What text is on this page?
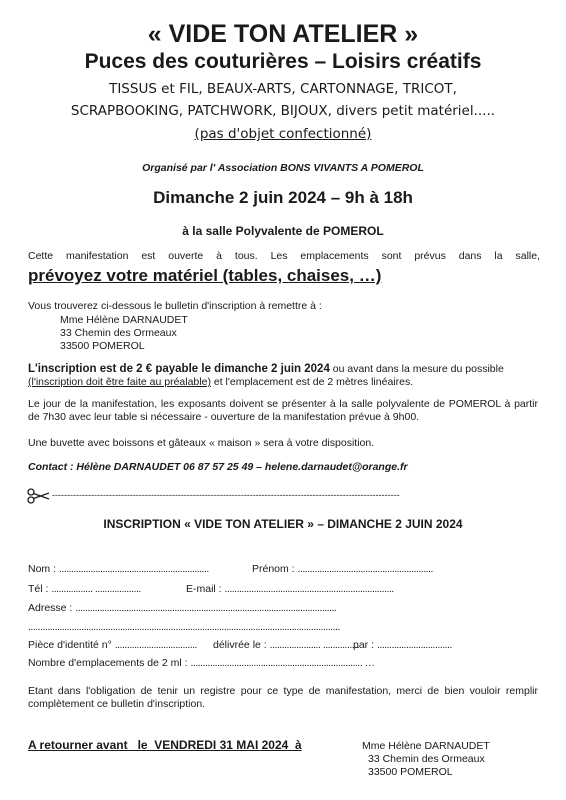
« VIDE TON ATELIER »
Puces des couturières – Loisirs créatifs
TISSUS et FIL, BEAUX-ARTS, CARTONNAGE, TRICOT,
SCRAPBOOKING, PATCHWORK, BIJOUX, divers petit matériel.....
(pas d'objet confectionné)
Organisé par l' Association BONS VIVANTS A POMEROL
Dimanche 2 juin 2024 – 9h à 18h
à la salle Polyvalente de POMEROL
Cette manifestation est ouverte à tous. Les emplacements sont prévus dans la salle,
prévoyez votre matériel (tables, chaises, …)
Vous trouverez ci-dessous le bulletin d'inscription à remettre à :
Mme Hélène DARNAUDET
33 Chemin des Ormeaux
33500 POMEROL
L'inscription est de 2 € payable le dimanche 2 juin 2024 ou avant dans la mesure du possible
(l'inscription doit être faite au préalable) et l'emplacement est de 2 mètres linéaires.
Le jour de la manifestation, les exposants doivent se présenter à la salle polyvalente de POMEROL à partir de 7h30 avec leur table si nécessaire - ouverture de la manifestation prévue à 9h00.
Une buvette avec boissons et gâteaux « maison » sera à votre disposition.
Contact : Hélène DARNAUDET 06 87 57 25 49 – helene.darnaudet@orange.fr
--------------------------------------------------------------------------------------------------------------------
INSCRIPTION « VIDE TON ATELIER » – DIMANCHE 2 JUIN 2024
Nom : ..............................................................	Prénom : ........................................................
Tél : ................. ...................	E-mail : ......................................................................
Adresse : ............................................................................................................
.................................................................................................................................
Pièce d'identité n° .................................. délivrée le : ..................... ...............
par : ...............................
Nombre d'emplacements de 2 ml : ....................................................................... …
Etant dans l'obligation de tenir un registre pour ce type de manifestation, merci de bien vouloir remplir complètement ce bulletin d'inscription.
A retourner avant   le  VENDREDI 31 MAI 2024  à	Mme Hélène DARNAUDET
33 Chemin des Ormeaux
33500 POMEROL
